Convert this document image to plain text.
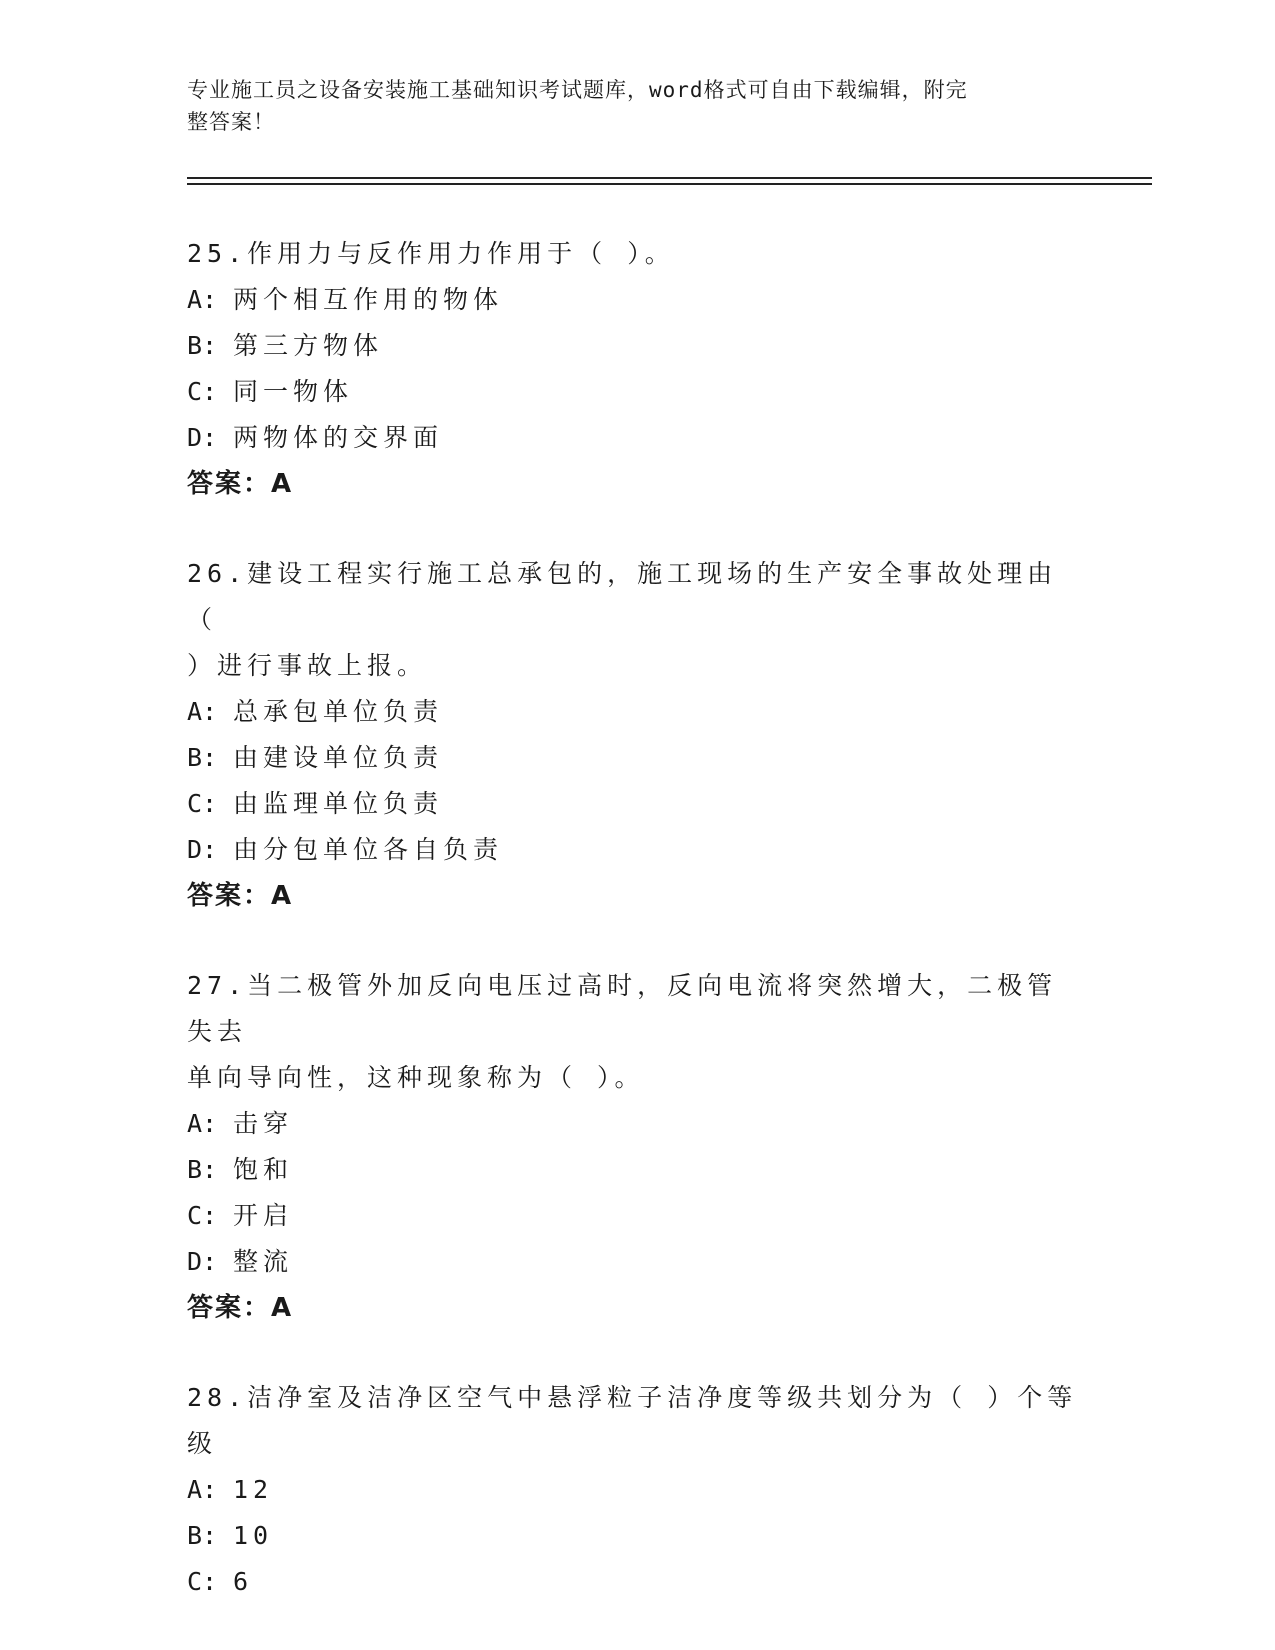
专业施工员之设备安装施工基础知识考试题库，word格式可自由下载编辑，附完
整答案！
25.作用力与反作用力作用于（ ）。
A: 两个相互作用的物体
B: 第三方物体
C: 同一物体
D: 两物体的交界面
答案：A
26.建设工程实行施工总承包的，施工现场的生产安全事故处理由（
）进行事故上报。
A: 总承包单位负责
B: 由建设单位负责
C: 由监理单位负责
D: 由分包单位各自负责
答案：A
27.当二极管外加反向电压过高时，反向电流将突然增大，二极管失去
单向导向性，这种现象称为（ ）。
A: 击穿
B: 饱和
C: 开启
D: 整流
答案：A
28.洁净室及洁净区空气中悬浮粒子洁净度等级共划分为（ ）个等级
A: 12
B: 10
C: 6
